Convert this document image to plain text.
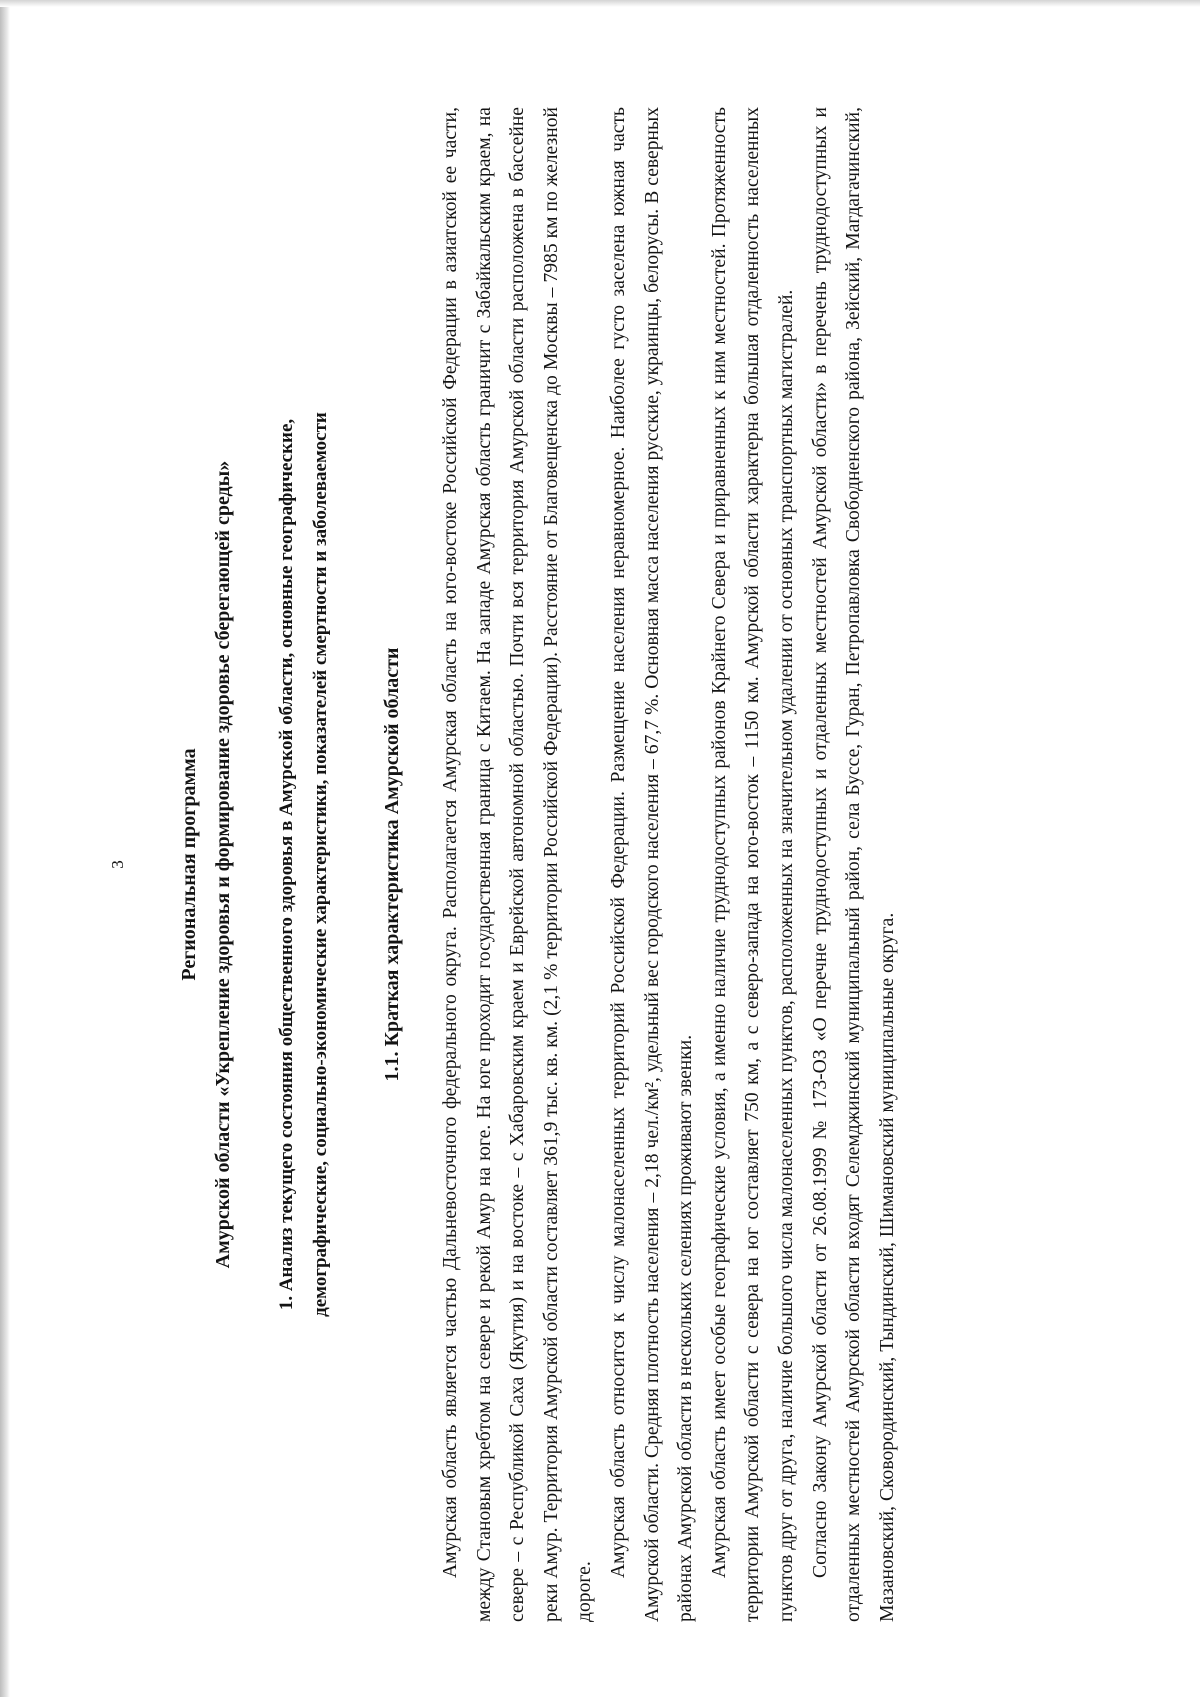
3	Региональная программа Амурской области «Укрепление здоровья и формирование здоровье сберегающей среды»	1. Анализ текущего состояния общественного здоровья в Амурской области, основные географические, демографические, социально-экономические характеристики, показателей смертности и заболеваемости	1.1. Краткая характеристика Амурской области	Амурская область является частью Дальневосточного федерального округа. Располагается Амурская область на юго-востоке Российской Федерации в азиатской ее части, между Становым хребтом на севере и рекой Амур на юге. На юге проходит государственная граница с Китаем. На западе Амурская область граничит с Забайкальским краем, на севере – с Республикой Саха (Якутия) и на востоке – с Хабаровским краем и Еврейской автономной областью. Почти вся территория Амурской области расположена в бассейне реки Амур. Территория Амурской области составляет 361,9 тыс. кв. км. (2,1 % территории Российской Федерации). Расстояние от Благовещенска до Москвы – 7985 км по железной дороге.

Амурская область относится к числу малонаселенных территорий Российской Федерации. Размещение населения неравномерное. Наиболее густо заселена южная часть Амурской области. Средняя плотность населения – 2,18 чел./км², удельный вес городского населения – 67,7 %. Основная масса населения русские, украинцы, белорусы. В северных районах Амурской области в нескольких селениях проживают эвенки. Амурская область имеет особые географические условия, а именно наличие труднодоступных районов Крайнего Севера и приравненных к ним местностей. Протяженность территории Амурской области с севера на юг составляет 750 км, а с северо-запада на юго-восток – 1150 км. Амурской области характерна большая отдаленность населенных пунктов друг от друга, наличие большого числа малонаселенных пунктов, расположенных на значительном удалении от основных транспортных магистралей. Согласно Закону Амурской области от 26.08.1999 № 173-ОЗ «О перечне труднодоступных и отдаленных местностей Амурской области» в перечень труднодоступных и отдаленных местностей Амурской области входят Селемджинский муниципальный район, села Буссе, Гуран, Петропавловка Свободненского района, Зейский, Магдагачинский, Мазановский, Сковородинский, Тындинский, Шимановский муниципальные округа.
